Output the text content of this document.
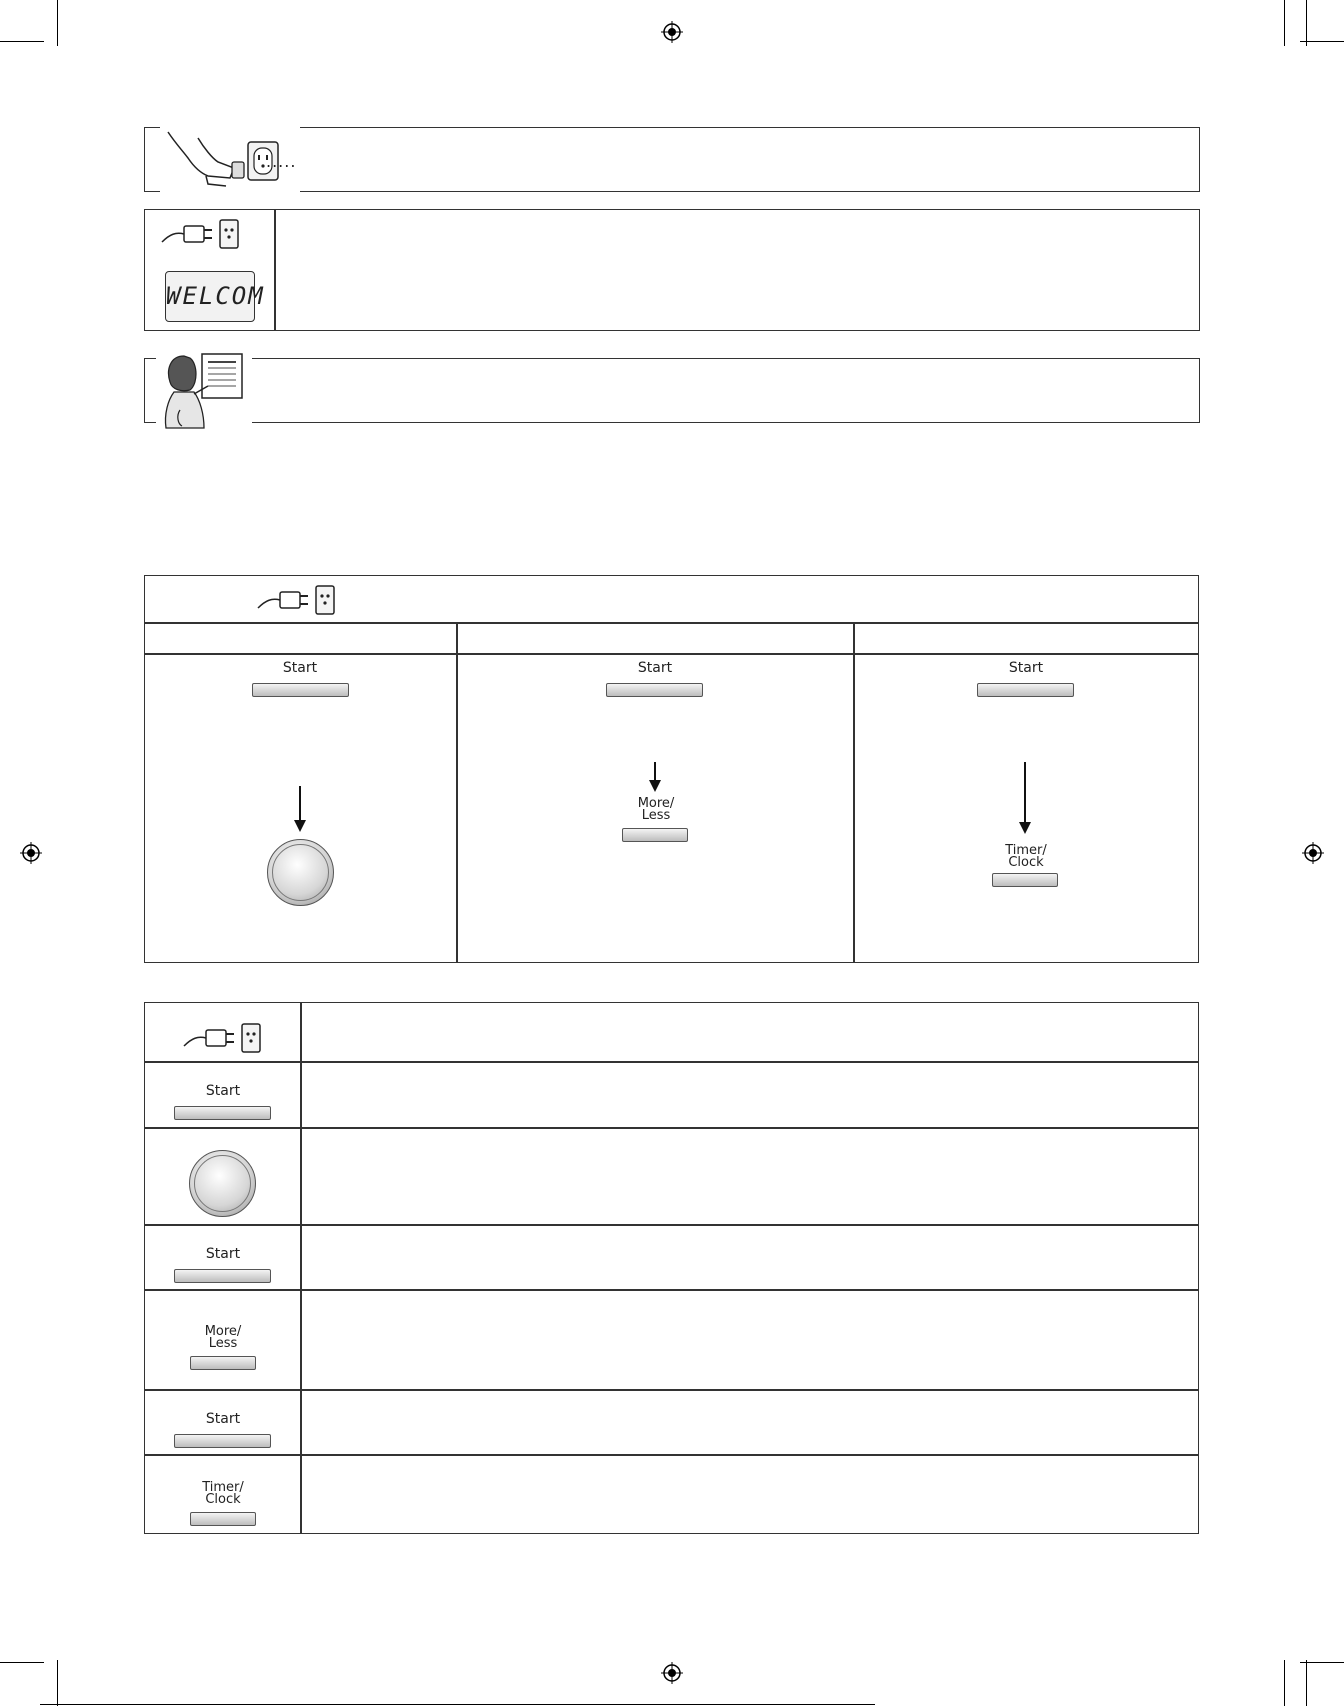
.....
WELCOM
Start	Start
More/
Less
Start
Timer/
Clock
Start
Start
More/
Less
Start
Timer/
Clock
